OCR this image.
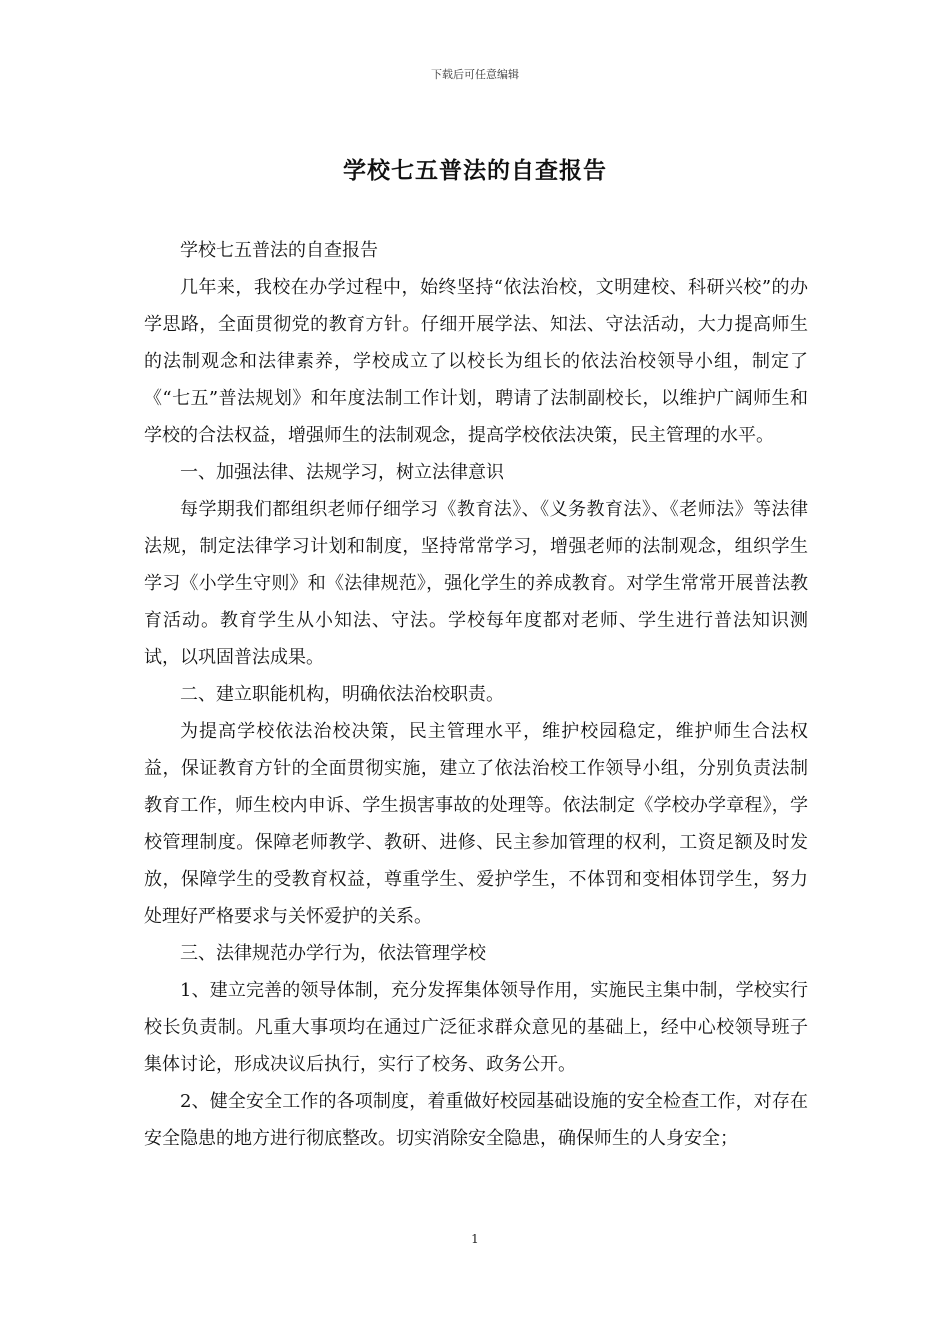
下载后可任意编辑
学校七五普法的自查报告

学校七五普法的自查报告

几年来，我校在办学过程中，始终坚持“依法治校，文明建校、科研兴校”的办学思路，全面贯彻党的教育方针。仔细开展学法、知法、守法活动，大力提高师生的法制观念和法律素养，学校成立了以校长为组长的依法治校领导小组，制定了《“七五”普法规划》和年度法制工作计划，聘请了法制副校长，以维护广阔师生和学校的合法权益，增强师生的法制观念，提高学校依法决策，民主管理的水平。

一、加强法律、法规学习，树立法律意识

每学期我们都组织老师仔细学习《教育法》、《义务教育法》、《老师法》等法律法规，制定法律学习计划和制度，坚持常常学习，增强老师的法制观念，组织学生学习《小学生守则》和《法律规范》，强化学生的养成教育。对学生常常开展普法教育活动。教育学生从小知法、守法。学校每年度都对老师、学生进行普法知识测试，以巩固普法成果。

二、建立职能机构，明确依法治校职责。

为提高学校依法治校决策，民主管理水平，维护校园稳定，维护师生合法权益，保证教育方针的全面贯彻实施，建立了依法治校工作领导小组，分别负责法制教育工作，师生校内申诉、学生损害事故的处理等。依法制定《学校办学章程》，学校管理制度。保障老师教学、教研、进修、民主参加管理的权利，工资足额及时发放，保障学生的受教育权益，尊重学生、爱护学生，不体罚和变相体罚学生，努力处理好严格要求与关怀爱护的关系。

三、法律规范办学行为，依法管理学校

1、建立完善的领导体制，充分发挥集体领导作用，实施民主集中制，学校实行校长负责制。凡重大事项均在通过广泛征求群众意见的基础上，经中心校领导班子集体讨论，形成决议后执行，实行了校务、政务公开。

2、健全安全工作的各项制度，着重做好校园基础设施的安全检查工作，对存在安全隐患的地方进行彻底整改。切实消除安全隐患，确保师生的人身安全；

1
